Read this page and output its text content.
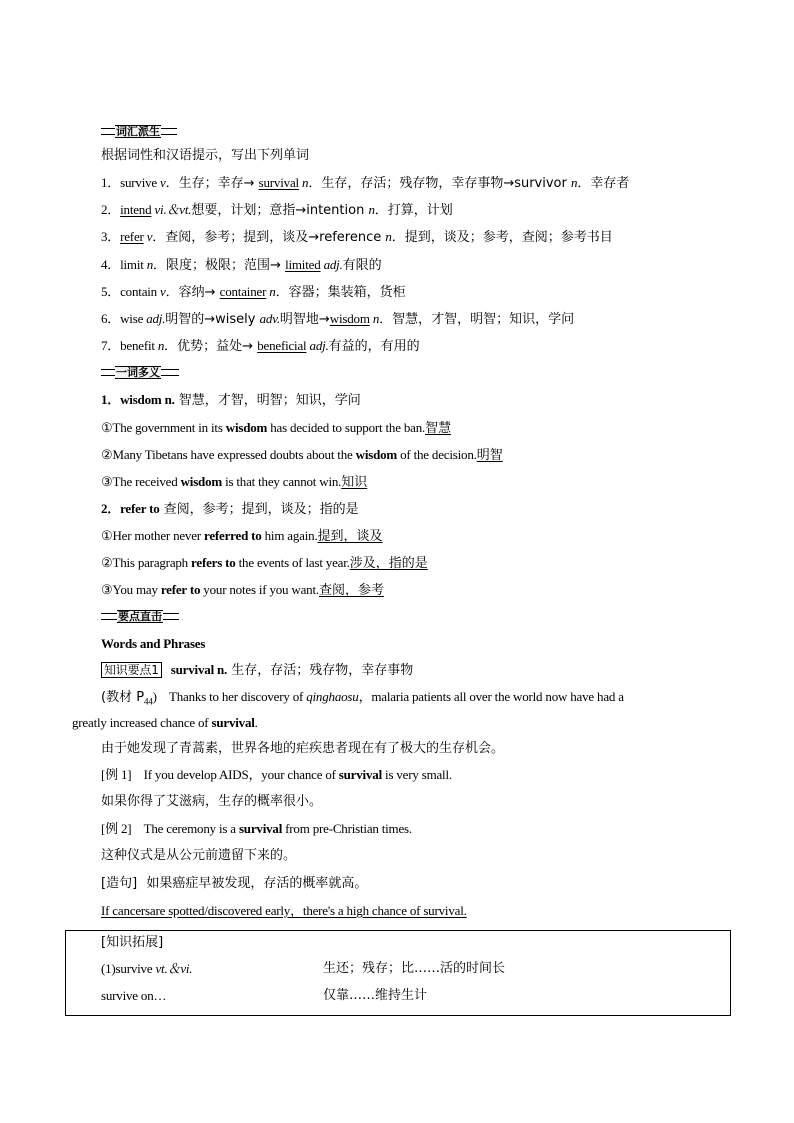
词汇派生
根据词性和汉语提示，写出下列单词
1．survive v．生存；幸存→ survival n．生存，存活；残存物，幸存事物→survivor n．幸存者
2．intend vi.＆vt.想要，计划；意指→intention n．打算，计划
3．refer v．查阅，参考；提到，谈及→reference n．提到，谈及；参考，查阅；参考书目
4．limit n．限度；极限；范围→ limited adj.有限的
5．contain v．容纳→ container n．容器；集装箱，货柜
6．wise adj.明智的→wisely adv.明智地→wisdom n．智慧，才智，明智；知识，学问
7．benefit n．优势；益处→ beneficial adj.有益的，有用的
一词多义
1．wisdom n. 智慧，才智，明智；知识，学问
①The government in its wisdom has decided to support the ban.智慧
②Many Tibetans have expressed doubts about the wisdom of the decision.明智
③The received wisdom is that they cannot win.知识
2．refer to 查阅，参考；提到，谈及；指的是
①Her mother never referred to him again.提到，谈及
②This paragraph refers to the events of last year.涉及，指的是
③You may refer to your notes if you want.查阅，参考
要点直击
Words and Phrases
知识要点1 survival n. 生存，存活；残存物，幸存事物
(教材 $P_{44}$) Thanks to her discovery of qinghaosu，malaria patients all over the world now have had a
greatly increased chance of survival.
由于她发现了青蒿素，世界各地的疟疾患者现在有了极大的生存机会。
[例 1] If you develop AIDS，your chance of survival is very small.
如果你得了艾滋病，生存的概率很小。
[例 2] The ceremony is a survival from pre-Christian times.
这种仪式是从公元前遗留下来的。
[造句] 如果癌症早被发现，存活的概率就高。
If cancersare spotted/discovered early，there's a high chance of survival.
[知识拓展]
(1)survive vt.＆vi.	生还；残存；比……活的时间长
survive on…	仅靠……维持生计
